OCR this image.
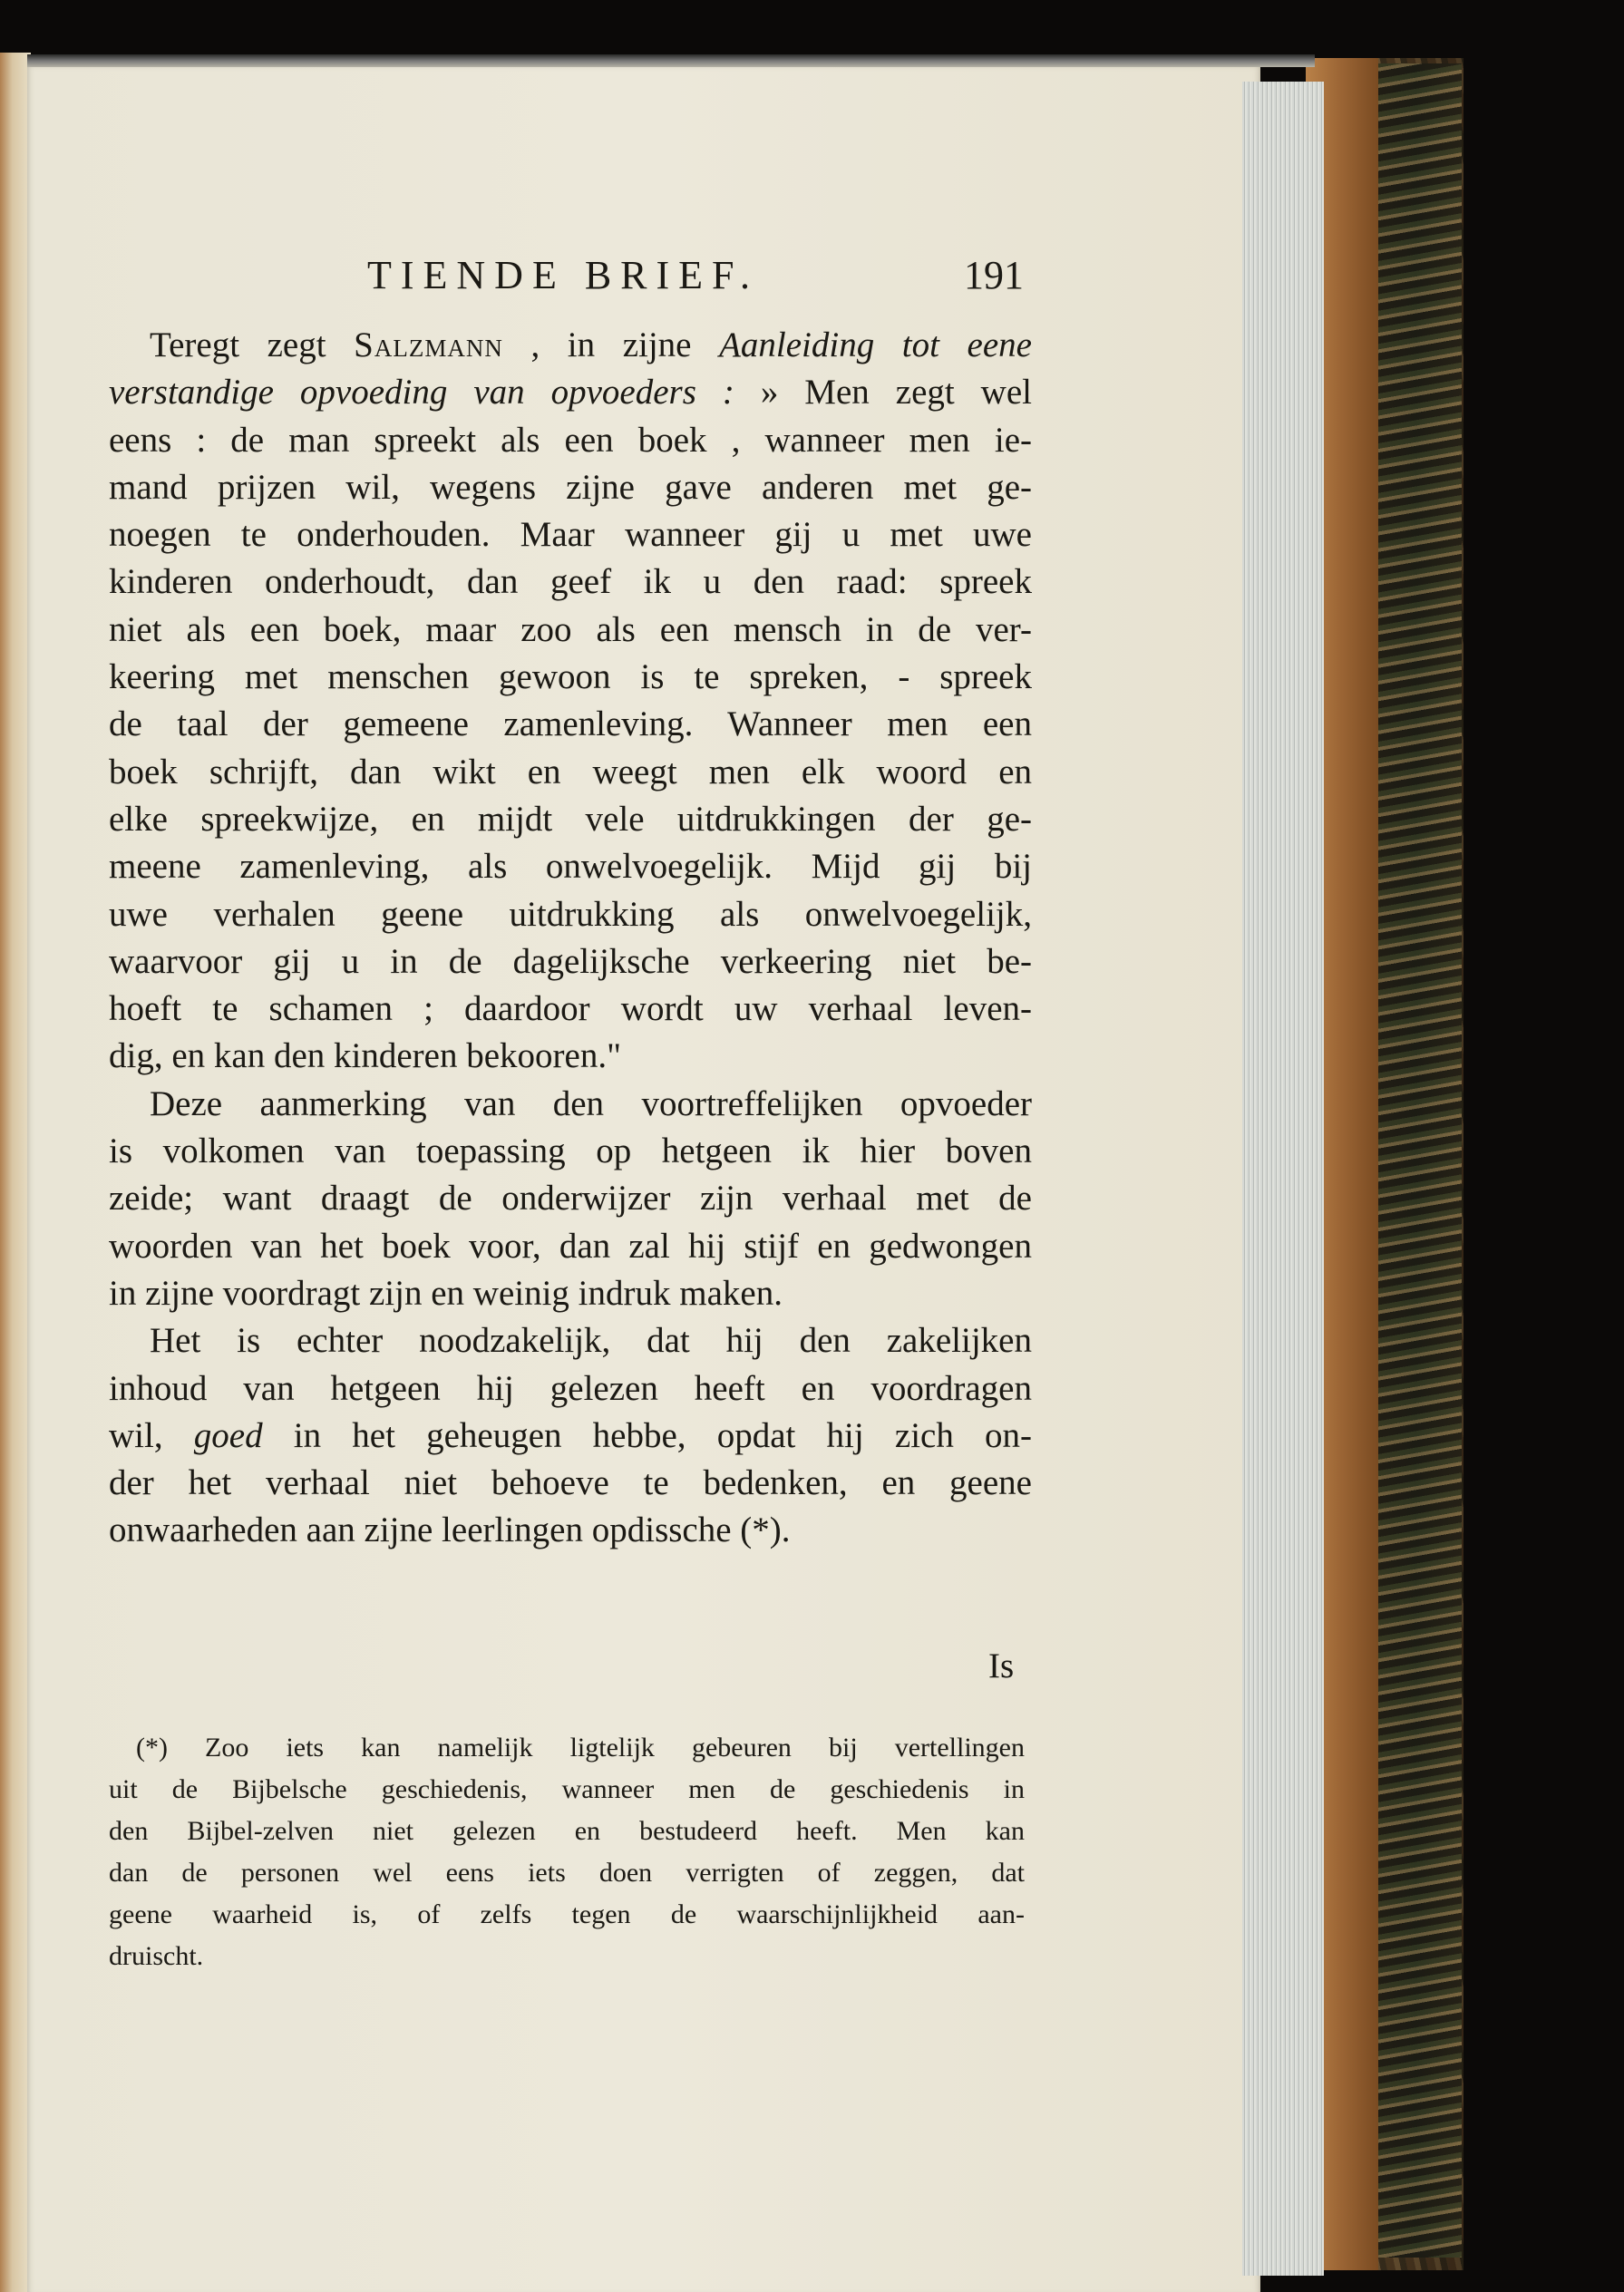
TIENDE BRIEF.	191
Teregt zegt Salzmann , in zijne Aanleiding tot eene
verstandige opvoeding van opvoeders : » Men zegt wel
eens : de man spreekt als een boek , wanneer men ie-
mand prijzen wil, wegens zijne gave anderen met ge-
noegen te onderhouden. Maar wanneer gij u met uwe
kinderen onderhoudt, dan geef ik u den raad: spreek
niet als een boek, maar zoo als een mensch in de ver-
keering met menschen gewoon is te spreken, - spreek
de taal der gemeene zamenleving. Wanneer men een
boek schrijft, dan wikt en weegt men elk woord en
elke spreekwijze, en mijdt vele uitdrukkingen der ge-
meene zamenleving, als onwelvoegelijk. Mijd gij bij
uwe verhalen geene uitdrukking als onwelvoegelijk,
waarvoor gij u in de dagelijksche verkeering niet be-
hoeft te schamen ; daardoor wordt uw verhaal leven-
dig, en kan den kinderen bekooren."
Deze aanmerking van den voortreffelijken opvoeder
is volkomen van toepassing op hetgeen ik hier boven
zeide; want draagt de onderwijzer zijn verhaal met de
woorden van het boek voor, dan zal hij stijf en gedwongen
in zijne voordragt zijn en weinig indruk maken.
Het is echter noodzakelijk, dat hij den zakelijken
inhoud van hetgeen hij gelezen heeft en voordragen
wil, goed in het geheugen hebbe, opdat hij zich on-
der het verhaal niet behoeve te bedenken, en geene
onwaarheden aan zijne leerlingen opdissche (*).
Is
(*) Zoo iets kan namelijk ligtelijk gebeuren bij vertellingen
uit de Bijbelsche geschiedenis, wanneer men de geschiedenis in
den Bijbel-zelven niet gelezen en bestudeerd heeft. Men kan
dan de personen wel eens iets doen verrigten of zeggen, dat
geene waarheid is, of zelfs tegen de waarschijnlijkheid aan-
druischt.
